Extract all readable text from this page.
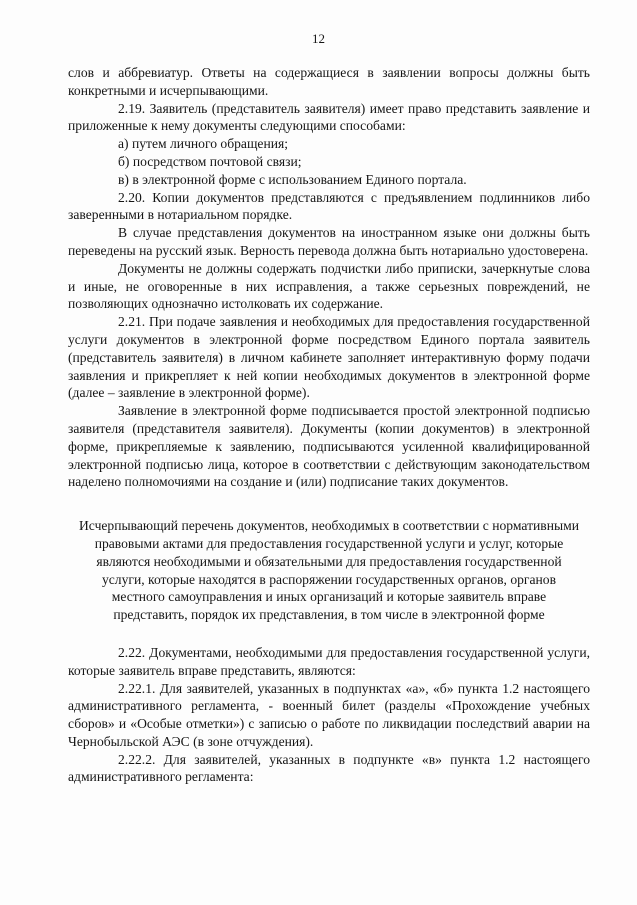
12

слов и аббревиатур. Ответы на содержащиеся в заявлении вопросы должны быть конкретными и исчерпывающими.

2.19. Заявитель (представитель заявителя) имеет право представить заявление и приложенные к нему документы следующими способами:

а) путем личного обращения;

б) посредством почтовой связи;

в) в электронной форме с использованием Единого портала.

2.20. Копии документов представляются с предъявлением подлинников либо заверенными в нотариальном порядке.

В случае представления документов на иностранном языке они должны быть переведены на русский язык. Верность перевода должна быть нотариально удостоверена.

Документы не должны содержать подчистки либо приписки, зачеркнутые слова и иные, не оговоренные в них исправления, а также серьезных повреждений, не позволяющих однозначно истолковать их содержание.

2.21. При подаче заявления и необходимых для предоставления государственной услуги документов в электронной форме посредством Единого портала заявитель (представитель заявителя) в личном кабинете заполняет интерактивную форму подачи заявления и прикрепляет к ней копии необходимых документов в электронной форме (далее – заявление в электронной форме).

Заявление в электронной форме подписывается простой электронной подписью заявителя (представителя заявителя). Документы (копии документов) в электронной форме, прикрепляемые к заявлению, подписываются усиленной квалифицированной электронной подписью лица, которое в соответствии с действующим законодательством наделено полномочиями на создание и (или) подписание таких документов.

Исчерпывающий перечень документов, необходимых в соответствии с нормативными правовыми актами для предоставления государственной услуги и услуг, которые являются необходимыми и обязательными для предоставления государственной услуги, которые находятся в распоряжении государственных органов, органов местного самоуправления и иных организаций и которые заявитель вправе представить, порядок их представления, в том числе в электронной форме

2.22. Документами, необходимыми для предоставления государственной услуги, которые заявитель вправе представить, являются:

2.22.1. Для заявителей, указанных в подпунктах «а», «б» пункта 1.2 настоящего административного регламента, - военный билет (разделы «Прохождение учебных сборов» и «Особые отметки») с записью о работе по ликвидации последствий аварии на Чернобыльской АЭС (в зоне отчуждения).

2.22.2. Для заявителей, указанных в подпункте «в» пункта 1.2 настоящего административного регламента:
